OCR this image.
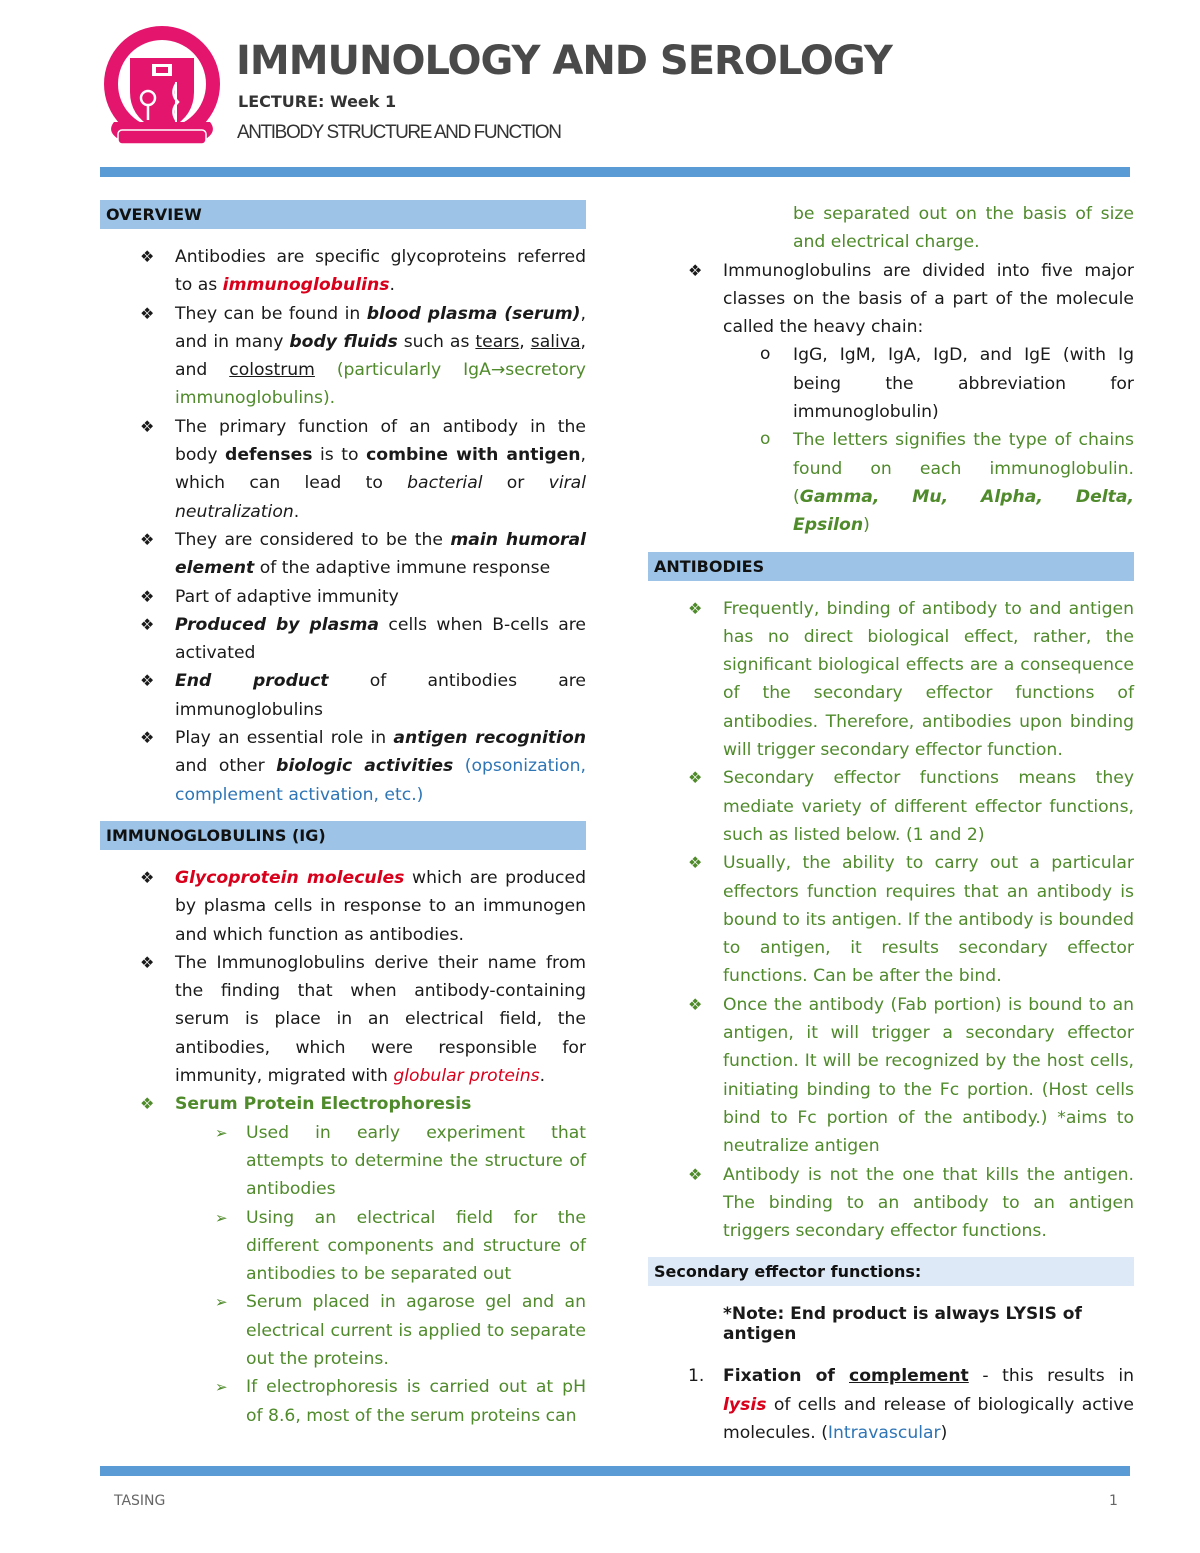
IMMUNOLOGY AND SEROLOGY
LECTURE: Week 1
ANTIBODY STRUCTURE AND FUNCTION
OVERVIEW
❖ Antibodies are specific glycoproteins referred to as immunoglobulins.
❖ They can be found in blood plasma (serum), and in many body fluids such as tears, saliva, and colostrum (particularly IgA→secretory immunoglobulins).
❖ The primary function of an antibody in the body defenses is to combine with antigen, which can lead to bacterial or viral neutralization.
❖ They are considered to be the main humoral element of the adaptive immune response
❖ Part of adaptive immunity
❖ Produced by plasma cells when B-cells are activated
❖ End product of antibodies are immunoglobulins
❖ Play an essential role in antigen recognition and other biologic activities (opsonization, complement activation, etc.)
IMMUNOGLOBULINS (IG)
❖ Glycoprotein molecules which are produced by plasma cells in response to an immunogen and which function as antibodies.
❖ The Immunoglobulins derive their name from the finding that when antibody-containing serum is place in an electrical field, the antibodies, which were responsible for immunity, migrated with globular proteins.
❖ Serum Protein Electrophoresis
➢ Used in early experiment that attempts to determine the structure of antibodies
➢ Using an electrical field for the different components and structure of antibodies to be separated out
➢ Serum placed in agarose gel and an electrical current is applied to separate out the proteins.
➢ If electrophoresis is carried out at pH of 8.6, most of the serum proteins can
be separated out on the basis of size and electrical charge.
❖ Immunoglobulins are divided into five major classes on the basis of a part of the molecule called the heavy chain:
o IgG, IgM, IgA, IgD, and IgE (with Ig being the abbreviation for immunoglobulin)
o The letters signifies the type of chains found on each immunoglobulin. (Gamma, Mu, Alpha, Delta, Epsilon)
ANTIBODIES
❖ Frequently, binding of antibody to and antigen has no direct biological effect, rather, the significant biological effects are a consequence of the secondary effector functions of antibodies. Therefore, antibodies upon binding will trigger secondary effector function.
❖ Secondary effector functions means they mediate variety of different effector functions, such as listed below. (1 and 2)
❖ Usually, the ability to carry out a particular effectors function requires that an antibody is bound to its antigen. If the antibody is bounded to antigen, it results secondary effector functions. Can be after the bind.
❖ Once the antibody (Fab portion) is bound to an antigen, it will trigger a secondary effector function. It will be recognized by the host cells, initiating binding to the Fc portion. (Host cells bind to Fc portion of the antibody.) *aims to neutralize antigen
❖ Antibody is not the one that kills the antigen. The binding to an antibody to an antigen triggers secondary effector functions.
Secondary effector functions:
*Note: End product is always LYSIS of antigen
1. Fixation of complement - this results in lysis of cells and release of biologically active molecules. (Intravascular)
TASING	1
